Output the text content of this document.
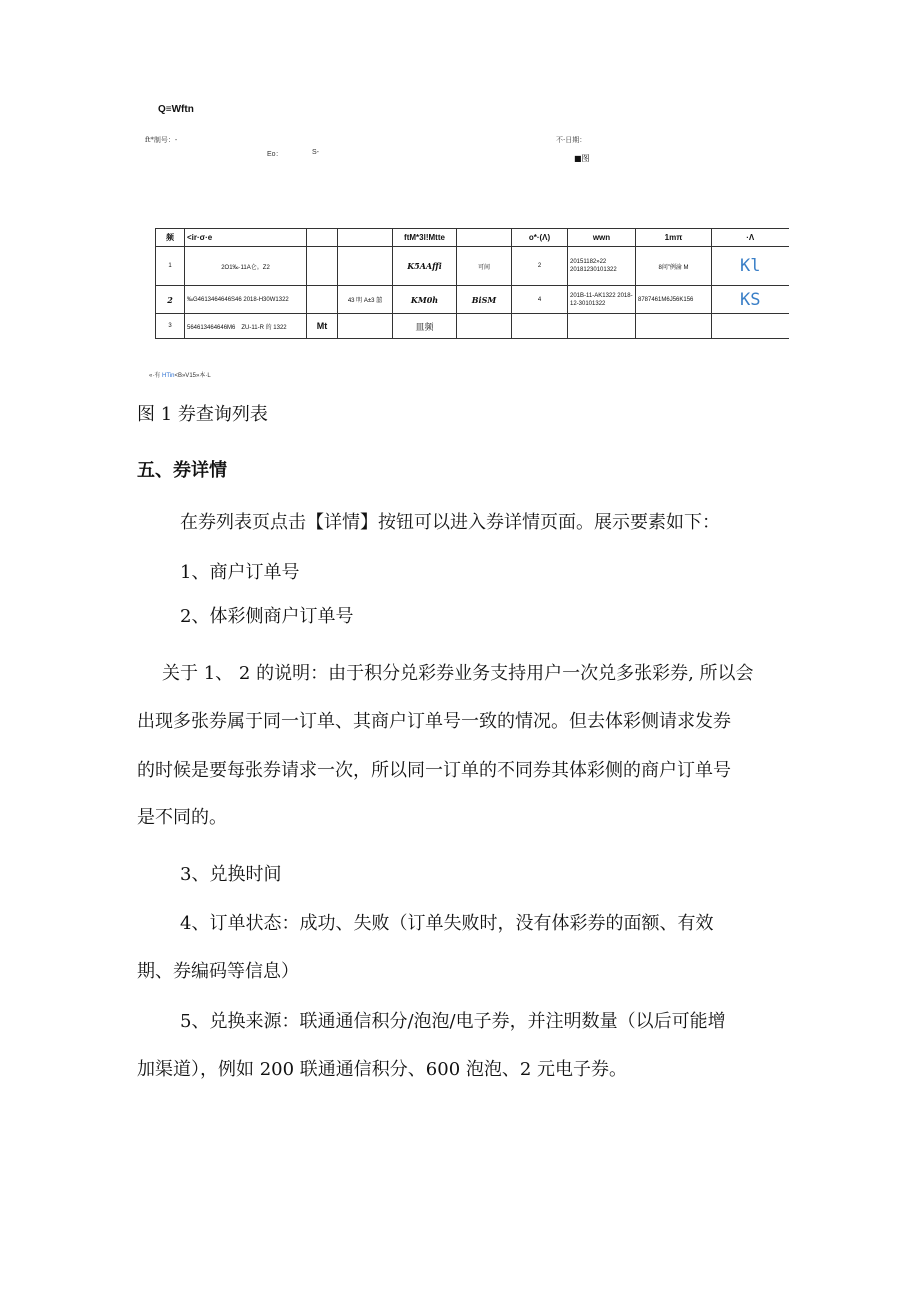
Q≡Wftn
ft*制号：-
Eo：	S-
不·日期：
■图
频	<ir·σ·e			ftM*3l!Mtte		o*·(Λ)	wwn	1mπ	·Λ
1	2O1‰·11A仑。Z2			K5AAffi	可间	2	20151182»22 20181230101322	8问”例渝 M	Kl
2	‰G4613464646S46 2018-H30W1322		43 明 A±3 囍	KM0h	BiSM	4	201B-11-AK1322 2018-12-30101322	8787461M6J56K156	KS
3	564613464646M6　ZU-11-R 的 1322	Mt		皿频					
«·有 HTin<B»V15»本·L
图 1 券查询列表
五、券详情
在券列表页点击【详情】按钮可以进入券详情页面。展示要素如下：
1、商户订单号
2、体彩侧商户订单号
关于 1、 2 的说明：由于积分兑彩券业务支持用户一次兑多张彩券, 所以会
出现多张券属于同一订单、其商户订单号一致的情况。但去体彩侧请求发券
的时候是要每张券请求一次，所以同一订单的不同券其体彩侧的商户订单号
是不同的。
3、兑换时间
4、订单状态：成功、失败（订单失败时，没有体彩券的面额、有效
期、券编码等信息）
5、兑换来源：联通通信积分/泡泡/电子券，并注明数量（以后可能增
加渠道），例如 200 联通通信积分、600 泡泡、2 元电子券。
